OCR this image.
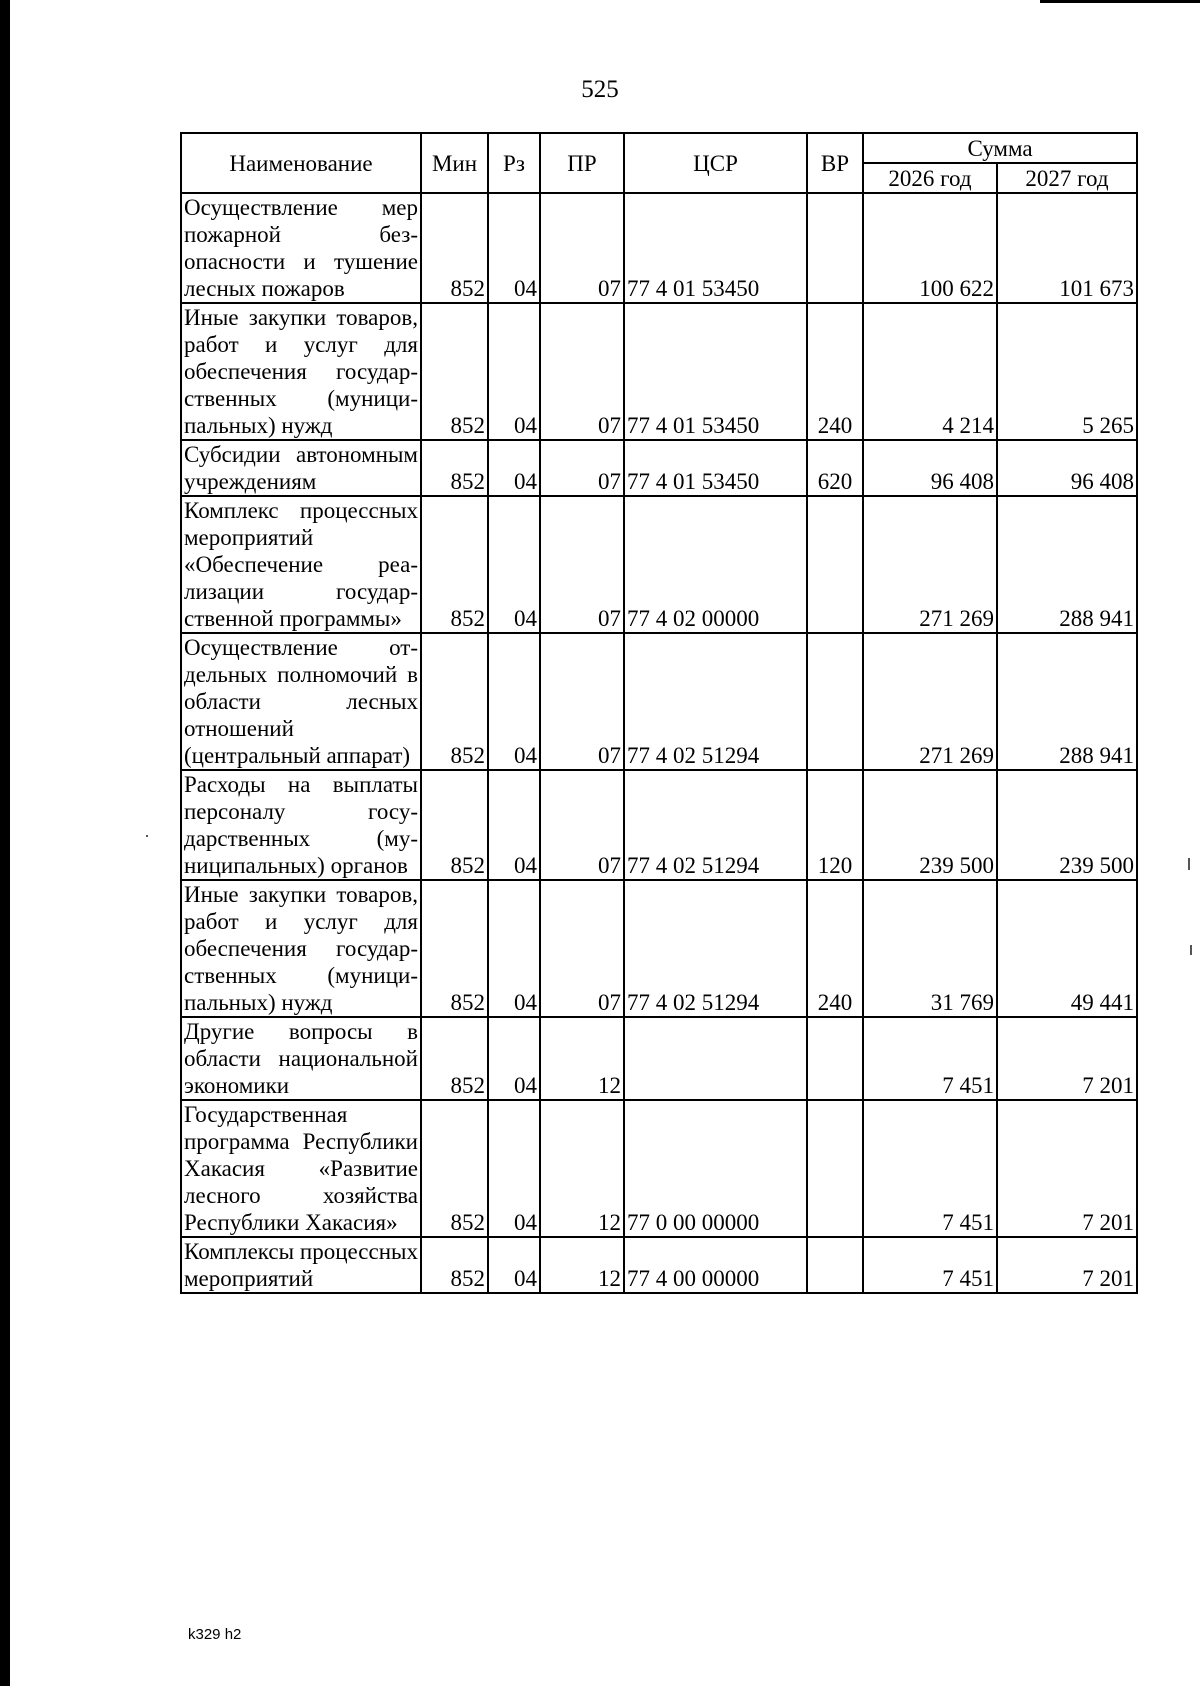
525
Наименование	Мин	Рз	ПР	ЦСР	ВР	Сумма	
						2026 год	2027 год
Осуществление мер пожарной безопасности и тушение лесных пожаров	852	04	07	77 4 01 53450		100 622	101 673
Иные закупки товаров, работ и услуг для обеспечения государственных (муниципальных) нужд	852	04	07	77 4 01 53450	240	4 214	5 265
Субсидии автономным учреждениям	852	04	07	77 4 01 53450	620	96 408	96 408
Комплекс процессных мероприятий «Обеспечение реализации государственной программы»	852	04	07	77 4 02 00000		271 269	288 941
Осуществление отдельных полномочий в области лесных отношений (центральный аппарат)	852	04	07	77 4 02 51294		271 269	288 941
Расходы на выплаты персоналу государственных (муниципальных) органов	852	04	07	77 4 02 51294	120	239 500	239 500
Иные закупки товаров, работ и услуг для обеспечения государственных (муниципальных) нужд	852	04	07	77 4 02 51294	240	31 769	49 441
Другие вопросы в области национальной экономики	852	04	12			7 451	7 201
Государственная программа Республики Хакасия «Развитие лесного хозяйства Республики Хакасия»	852	04	12	77 0 00 00000		7 451	7 201
Комплексы процессных мероприятий	852	04	12	77 4 00 00000		7 451	7 201
k329 h2
